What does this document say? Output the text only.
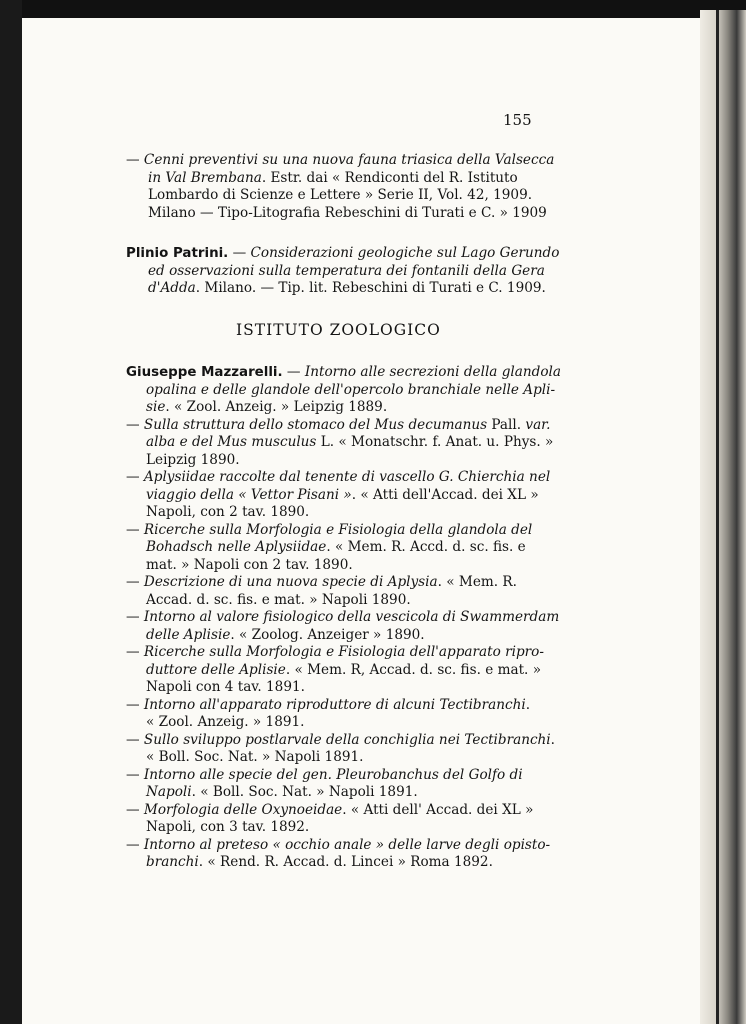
155
ISTITUTO ZOOLOGICO
— Cenni preventivi su una nuova fauna triasica della Valsecca
in Val Brembana. Estr. dai « Rendiconti del R. Istituto
Lombardo di Scienze e Lettere » Serie II, Vol. 42, 1909.
Milano — Tipo-Litografia Rebeschini di Turati e C. » 1909
Plinio Patrini. — Considerazioni geologiche sul Lago Gerundo
ed osservazioni sulla temperatura dei fontanili della Gera
d'Adda. Milano. — Tip. lit. Rebeschini di Turati e C. 1909.
Giuseppe Mazzarelli. — Intorno alle secrezioni della glandola
opalina e delle glandole dell'opercolo branchiale nelle Apli-
sie. « Zool. Anzeig. » Leipzig 1889.
— Sulla struttura dello stomaco del Mus decumanus Pall. var.
alba e del Mus musculus L. « Monatschr. f. Anat. u. Phys. »
Leipzig 1890.
— Aplysiidae raccolte dal tenente di vascello G. Chierchia nel
viaggio della « Vettor Pisani ». « Atti dell'Accad. dei XL »
Napoli, con 2 tav. 1890.
— Ricerche sulla Morfologia e Fisiologia della glandola del
Bohadsch nelle Aplysiidae. « Mem. R. Accd. d. sc. fis. e
mat. » Napoli con 2 tav. 1890.
— Descrizione di una nuova specie di Aplysia. « Mem. R.
Accad. d. sc. fis. e mat. » Napoli 1890.
— Intorno al valore fisiologico della vescicola di Swammerdam
delle Aplisie. « Zoolog. Anzeiger » 1890.
— Ricerche sulla Morfologia e Fisiologia dell'apparato ripro-
duttore delle Aplisie. « Mem. R, Accad. d. sc. fis. e mat. »
Napoli con 4 tav. 1891.
— Intorno all'apparato riproduttore di alcuni Tectibranchi.
« Zool. Anzeig. » 1891.
— Sullo sviluppo postlarvale della conchiglia nei Tectibranchi.
« Boll. Soc. Nat. » Napoli 1891.
— Intorno alle specie del gen. Pleurobanchus del Golfo di
Napoli. « Boll. Soc. Nat. » Napoli 1891.
— Morfologia delle Oxynoeidae. « Atti dell' Accad. dei XL »
Napoli, con 3 tav. 1892.
— Intorno al preteso « occhio anale » delle larve degli opisto-
branchi. « Rend. R. Accad. d. Lincei » Roma 1892.
